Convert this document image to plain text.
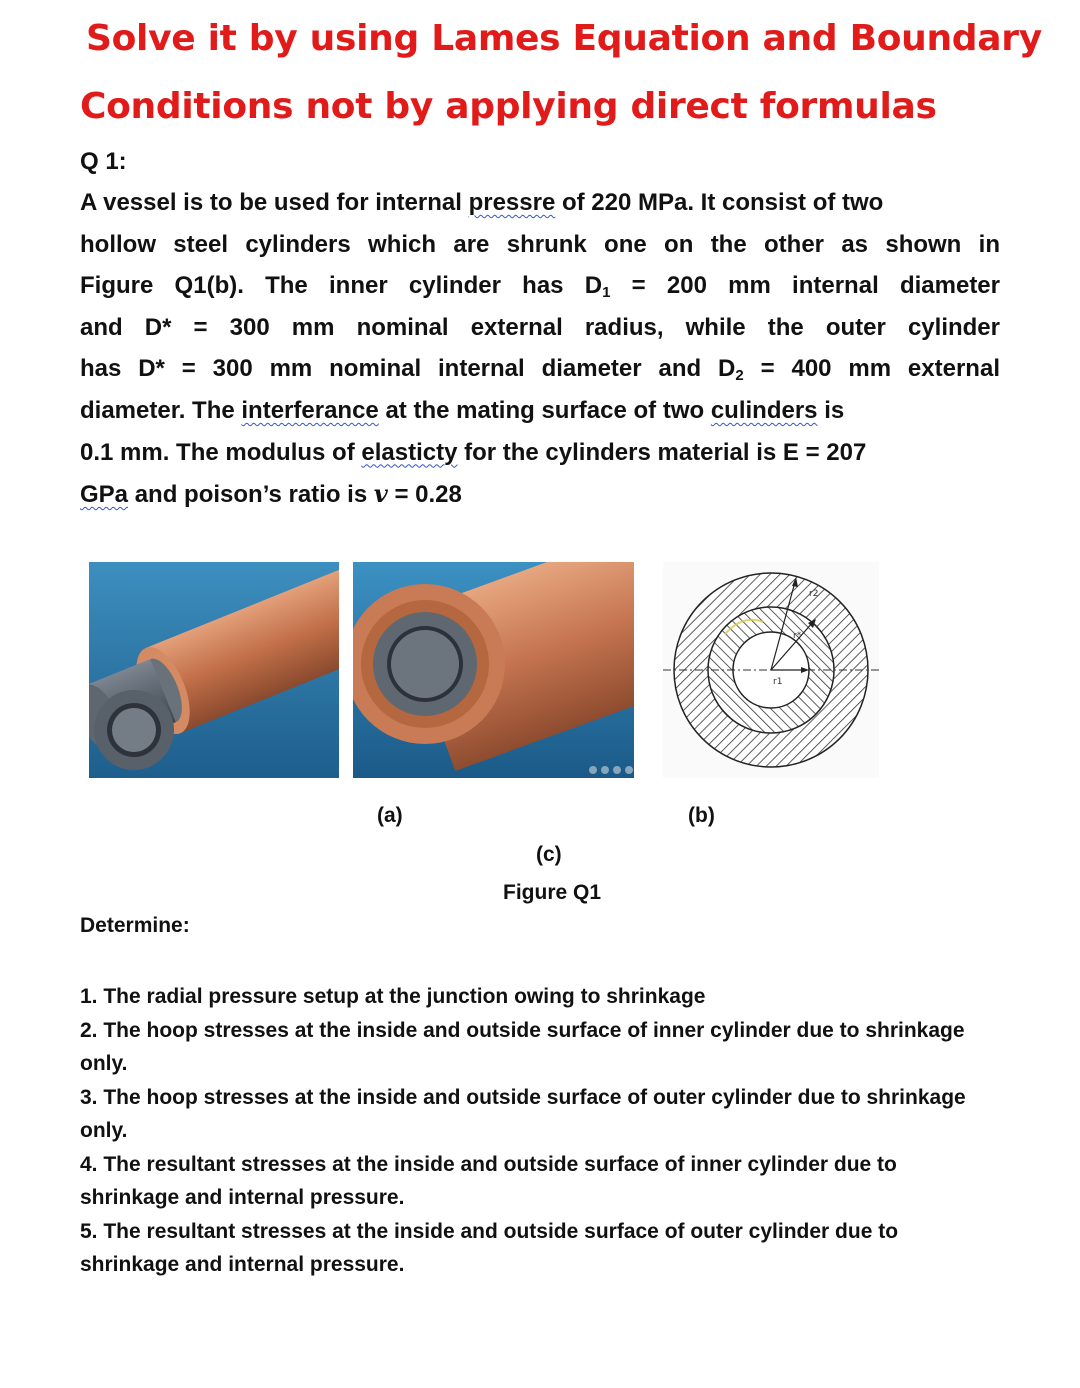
Solve it by using Lames Equation and Boundary
Conditions not by applying direct formulas
Q 1:
A vessel is to be used for internal pressre of 220 MPa. It consist of two
hollow steel cylinders which are shrunk one on the other as shown in
Figure Q1(b). The inner cylinder has $D_1 = 200$ mm internal diameter
and D* = 300 mm nominal external radius, while the outer cylinder
has D* = 300 mm nominal internal diameter and $D_2 = 400$ mm external
diameter. The interferance at the mating surface of two culinders is
0.1 mm. The modulus of elasticty for the cylinders material is E = 207
GPa and poison’s ratio is 𝒗 = 0.28
r1
r*
r2
(a)	(b)
(c)
Figure Q1
Determine:

1. The radial pressure setup at the junction owing to shrinkage

2. The hoop stresses at the inside and outside surface of inner cylinder due to shrinkage only.

3. The hoop stresses at the inside and outside surface of outer cylinder due to shrinkage only.

4. The resultant stresses at the inside and outside surface of inner cylinder due to shrinkage and internal pressure.

5. The resultant stresses at the inside and outside surface of outer cylinder due to shrinkage and internal pressure.
